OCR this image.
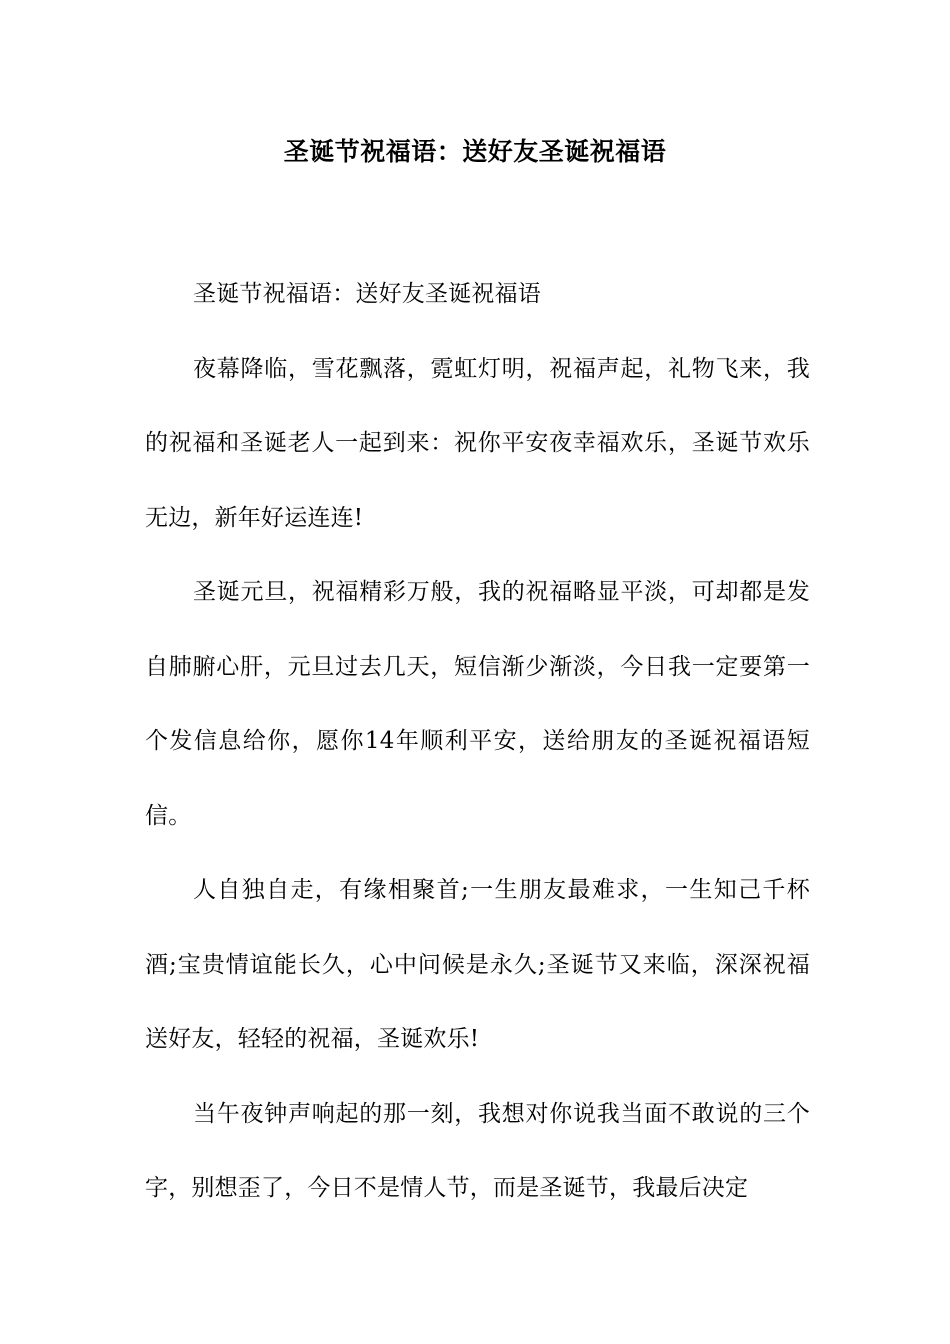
圣诞节祝福语：送好友圣诞祝福语

圣诞节祝福语：送好友圣诞祝福语

夜幕降临，雪花飘落，霓虹灯明，祝福声起，礼物飞来，我的祝福和圣诞老人一起到来：祝你平安夜幸福欢乐，圣诞节欢乐无边，新年好运连连!

圣诞元旦，祝福精彩万般，我的祝福略显平淡，可却都是发自肺腑心肝，元旦过去几天，短信渐少渐淡，今日我一定要第一个发信息给你，愿你14年顺利平安，送给朋友的圣诞祝福语短信。

人自独自走，有缘相聚首;一生朋友最难求，一生知己千杯酒;宝贵情谊能长久，心中问候是永久;圣诞节又来临，深深祝福送好友，轻轻的祝福，圣诞欢乐!

当午夜钟声响起的那一刻，我想对你说我当面不敢说的三个字，别想歪了，今日不是情人节，而是圣诞节，我最后决定
